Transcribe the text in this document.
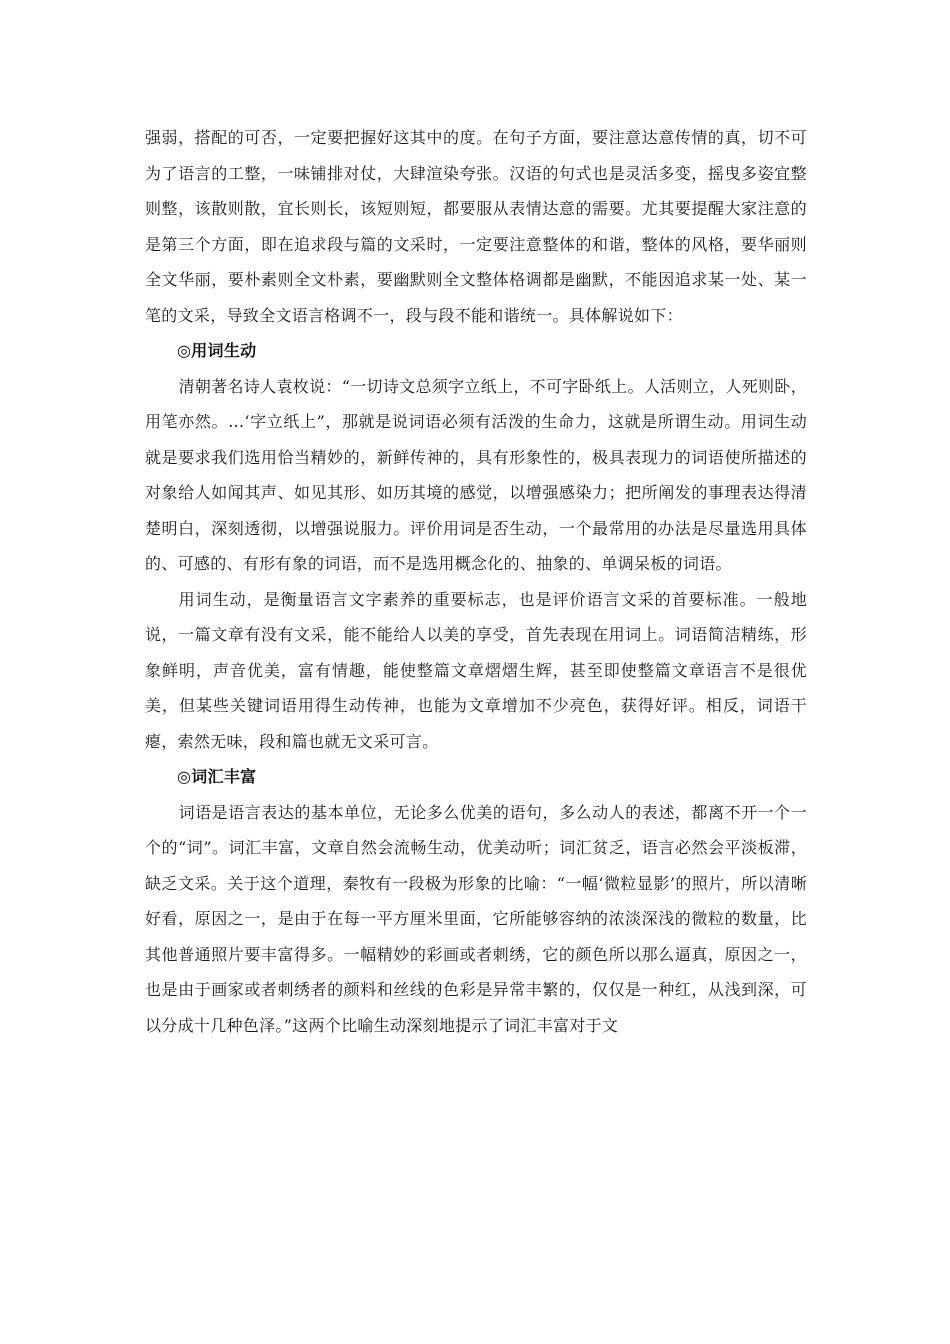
强弱，搭配的可否，一定要把握好这其中的度。在句子方面，要注意达意传情的真，切不可为了语言的工整，一味铺排对仗，大肆渲染夸张。汉语的句式也是灵活多变，摇曳多姿宜整则整，该散则散，宜长则长，该短则短，都要服从表情达意的需要。尤其要提醒大家注意的是第三个方面，即在追求段与篇的文采时，一定要注意整体的和谐，整体的风格，要华丽则全文华丽，要朴素则全文朴素，要幽默则全文整体格调都是幽默，不能因追求某一处、某一笔的文采，导致全文语言格调不一，段与段不能和谐统一。具体解说如下：

◎用词生动

清朝著名诗人袁枚说：“一切诗文总须字立纸上，不可字卧纸上。人活则立，人死则卧，用笔亦然。…‘字立纸上”，那就是说词语必须有活泼的生命力，这就是所谓生动。用词生动就是要求我们选用恰当精妙的，新鲜传神的，具有形象性的，极具表现力的词语使所描述的对象给人如闻其声、如见其形、如历其境的感觉，以增强感染力；把所阐发的事理表达得清楚明白，深刻透彻，以增强说服力。评价用词是否生动，一个最常用的办法是尽量选用具体的、可感的、有形有象的词语，而不是选用概念化的、抽象的、单调呆板的词语。

用词生动，是衡量语言文字素养的重要标志，也是评价语言文采的首要标准。一般地说，一篇文章有没有文采，能不能给人以美的享受，首先表现在用词上。词语简洁精练，形象鲜明，声音优美，富有情趣，能使整篇文章熠熠生辉，甚至即使整篇文章语言不是很优美，但某些关键词语用得生动传神，也能为文章增加不少亮色，获得好评。相反，词语干瘪，索然无味，段和篇也就无文采可言。

◎词汇丰富

词语是语言表达的基本单位，无论多么优美的语句，多么动人的表述，都离不开一个一个的“词”。词汇丰富，文章自然会流畅生动，优美动听；词汇贫乏，语言必然会平淡板滞，缺乏文采。关于这个道理，秦牧有一段极为形象的比喻：“一幅‘微粒显影’的照片，所以清晰好看，原因之一，是由于在每一平方厘米里面，它所能够容纳的浓淡深浅的微粒的数量，比其他普通照片要丰富得多。一幅精妙的彩画或者刺绣，它的颜色所以那么逼真，原因之一，也是由于画家或者刺绣者的颜料和丝线的色彩是异常丰繁的，仅仅是一种红，从浅到深，可以分成十几种色泽。”这两个比喻生动深刻地提示了词汇丰富对于文
